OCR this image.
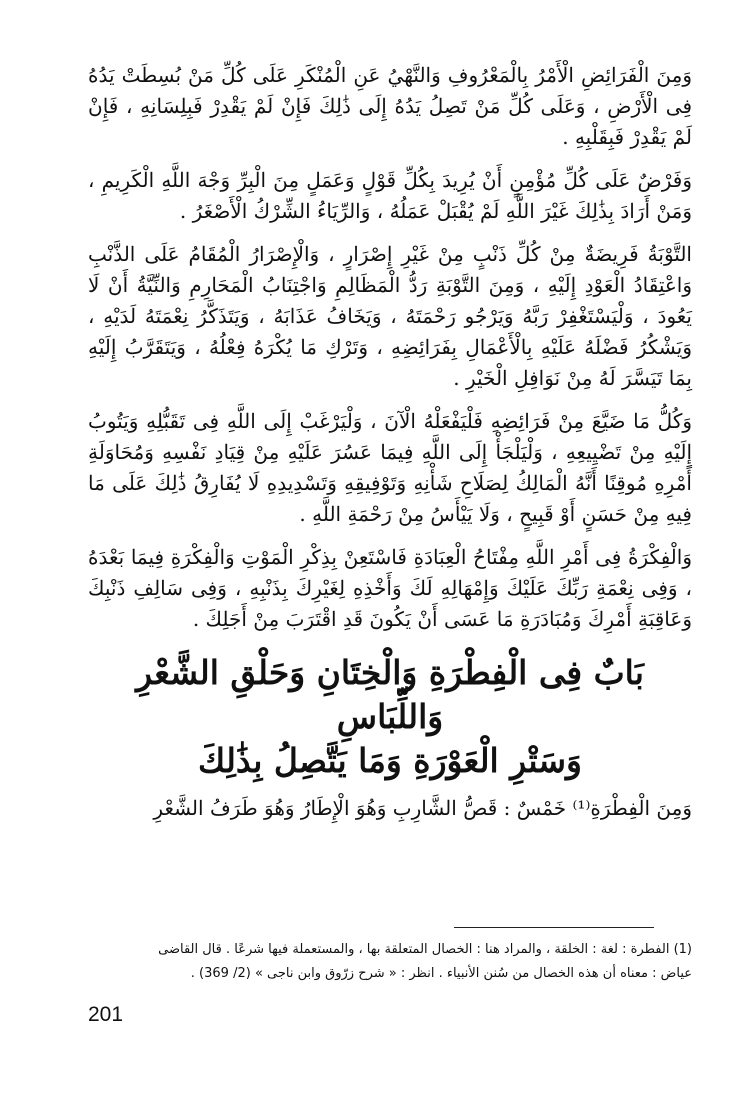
وَمِنَ الْفَرَائِضِ الْأَمْرُ بِالْمَعْرُوفِ وَالنَّهْيُ عَنِ الْمُنْكَرِ عَلَى كُلِّ مَنْ بُسِطَتْ يَدُهُ فِى الْأَرْضِ ، وَعَلَى كُلِّ مَنْ تَصِلُ يَدُهُ إِلَى ذَٰلِكَ فَإِنْ لَمْ يَقْدِرْ فَبِلِسَانِهِ ، فَإِنْ لَمْ يَقْدِرْ فَبِقَلْبِهِ .
وَفَرْضٌ عَلَى كُلِّ مُؤْمِنٍ أَنْ يُرِيدَ بِكُلِّ قَوْلٍ وَعَمَلٍ مِنَ الْبِرِّ وَجْهَ اللَّهِ الْكَرِيمِ ، وَمَنْ أَرَادَ بِذَٰلِكَ غَيْرَ اللَّهِ لَمْ يُقْبَلْ عَمَلُهُ ، وَالرِّيَاءُ الشِّرْكُ الْأَصْغَرُ .
التَّوْبَةُ فَرِيضَةٌ مِنْ كُلِّ ذَنْبٍ مِنْ غَيْرِ إِصْرَارٍ ، وَالْإِصْرَارُ الْمُقَامُ عَلَى الذَّنْبِ وَاعْتِقَادُ الْعَوْدِ إِلَيْهِ ، وَمِنَ التَّوْبَةِ رَدُّ الْمَظَالِمِ وَاجْتِنَابُ الْمَحَارِمِ وَالنِّيَّةُ أَنْ لَا يَعُودَ ، وَلْيَسْتَغْفِرْ رَبَّهُ وَيَرْجُو رَحْمَتَهُ ، وَيَخَافُ عَذَابَهُ ، وَيَتَذَكَّرُ نِعْمَتَهُ لَدَيْهِ ، وَيَشْكُرُ فَضْلَهُ عَلَيْهِ بِالْأَعْمَالِ بِفَرَائِضِهِ ، وَتَرْكِ مَا يُكْرَهُ فِعْلُهُ ، وَيَتَقَرَّبُ إِلَيْهِ بِمَا تَيَسَّرَ لَهُ مِنْ نَوَافِلِ الْخَيْرِ .
وَكُلُّ مَا ضَيَّعَ مِنْ فَرَائِضِهِ فَلْيَفْعَلْهُ الْآنَ ، وَلْيَرْغَبْ إِلَى اللَّهِ فِى تَقَبُّلِهِ وَيَتُوبُ إِلَيْهِ مِنْ تَضْيِيعِهِ ، وَلْيَلْجَأْ إِلَى اللَّهِ فِيمَا عَسُرَ عَلَيْهِ مِنْ قِيَادِ نَفْسِهِ وَمُحَاوَلَةِ أَمْرِهِ مُوقِنًا أَنَّهُ الْمَالِكُ لِصَلَاحِ شَأْنِهِ وَتَوْفِيقِهِ وَتَسْدِيدِهِ لَا يُفَارِقُ ذَٰلِكَ عَلَى مَا فِيهِ مِنْ حَسَنٍ أَوْ قَبِيحٍ ، وَلَا يَيْأَسُ مِنْ رَحْمَةِ اللَّهِ .
وَالْفِكْرَةُ فِى أَمْرِ اللَّهِ مِفْتَاحُ الْعِبَادَةِ فَاسْتَعِنْ بِذِكْرِ الْمَوْتِ وَالْفِكْرَةِ فِيمَا بَعْدَهُ ، وَفِى نِعْمَةِ رَبِّكَ عَلَيْكَ وَإِمْهَالِهِ لَكَ وَأَخْذِهِ لِغَيْرِكَ بِذَنْبِهِ ، وَفِى سَالِفِ ذَنْبِكَ وَعَاقِبَةِ أَمْرِكَ وَمُبَادَرَةِ مَا عَسَى أَنْ يَكُونَ قَدِ اقْتَرَبَ مِنْ أَجَلِكَ .
بَابٌ فِى الْفِطْرَةِ وَالْخِتَانِ وَحَلْقِ الشَّعْرِ وَاللِّبَاسِ
وَسَتْرِ الْعَوْرَةِ وَمَا يَتَّصِلُ بِذَٰلِكَ
وَمِنَ الْفِطْرَةِ⁽¹⁾ خَمْسٌ : قَصُّ الشَّارِبِ وَهُوَ الْإِطَارُ وَهُوَ طَرَفُ الشَّعْرِ
(1) الفطرة : لغة : الخلقة ، والمراد هنا : الخصال المتعلقة بها ، والمستعملة فيها شرعًا . قال القاضى
عياض : معناه أن هذه الخصال من سُنن الأنبياء . انظر : « شرح زرّوق وابن ناجى » (2/ 369) .
201
